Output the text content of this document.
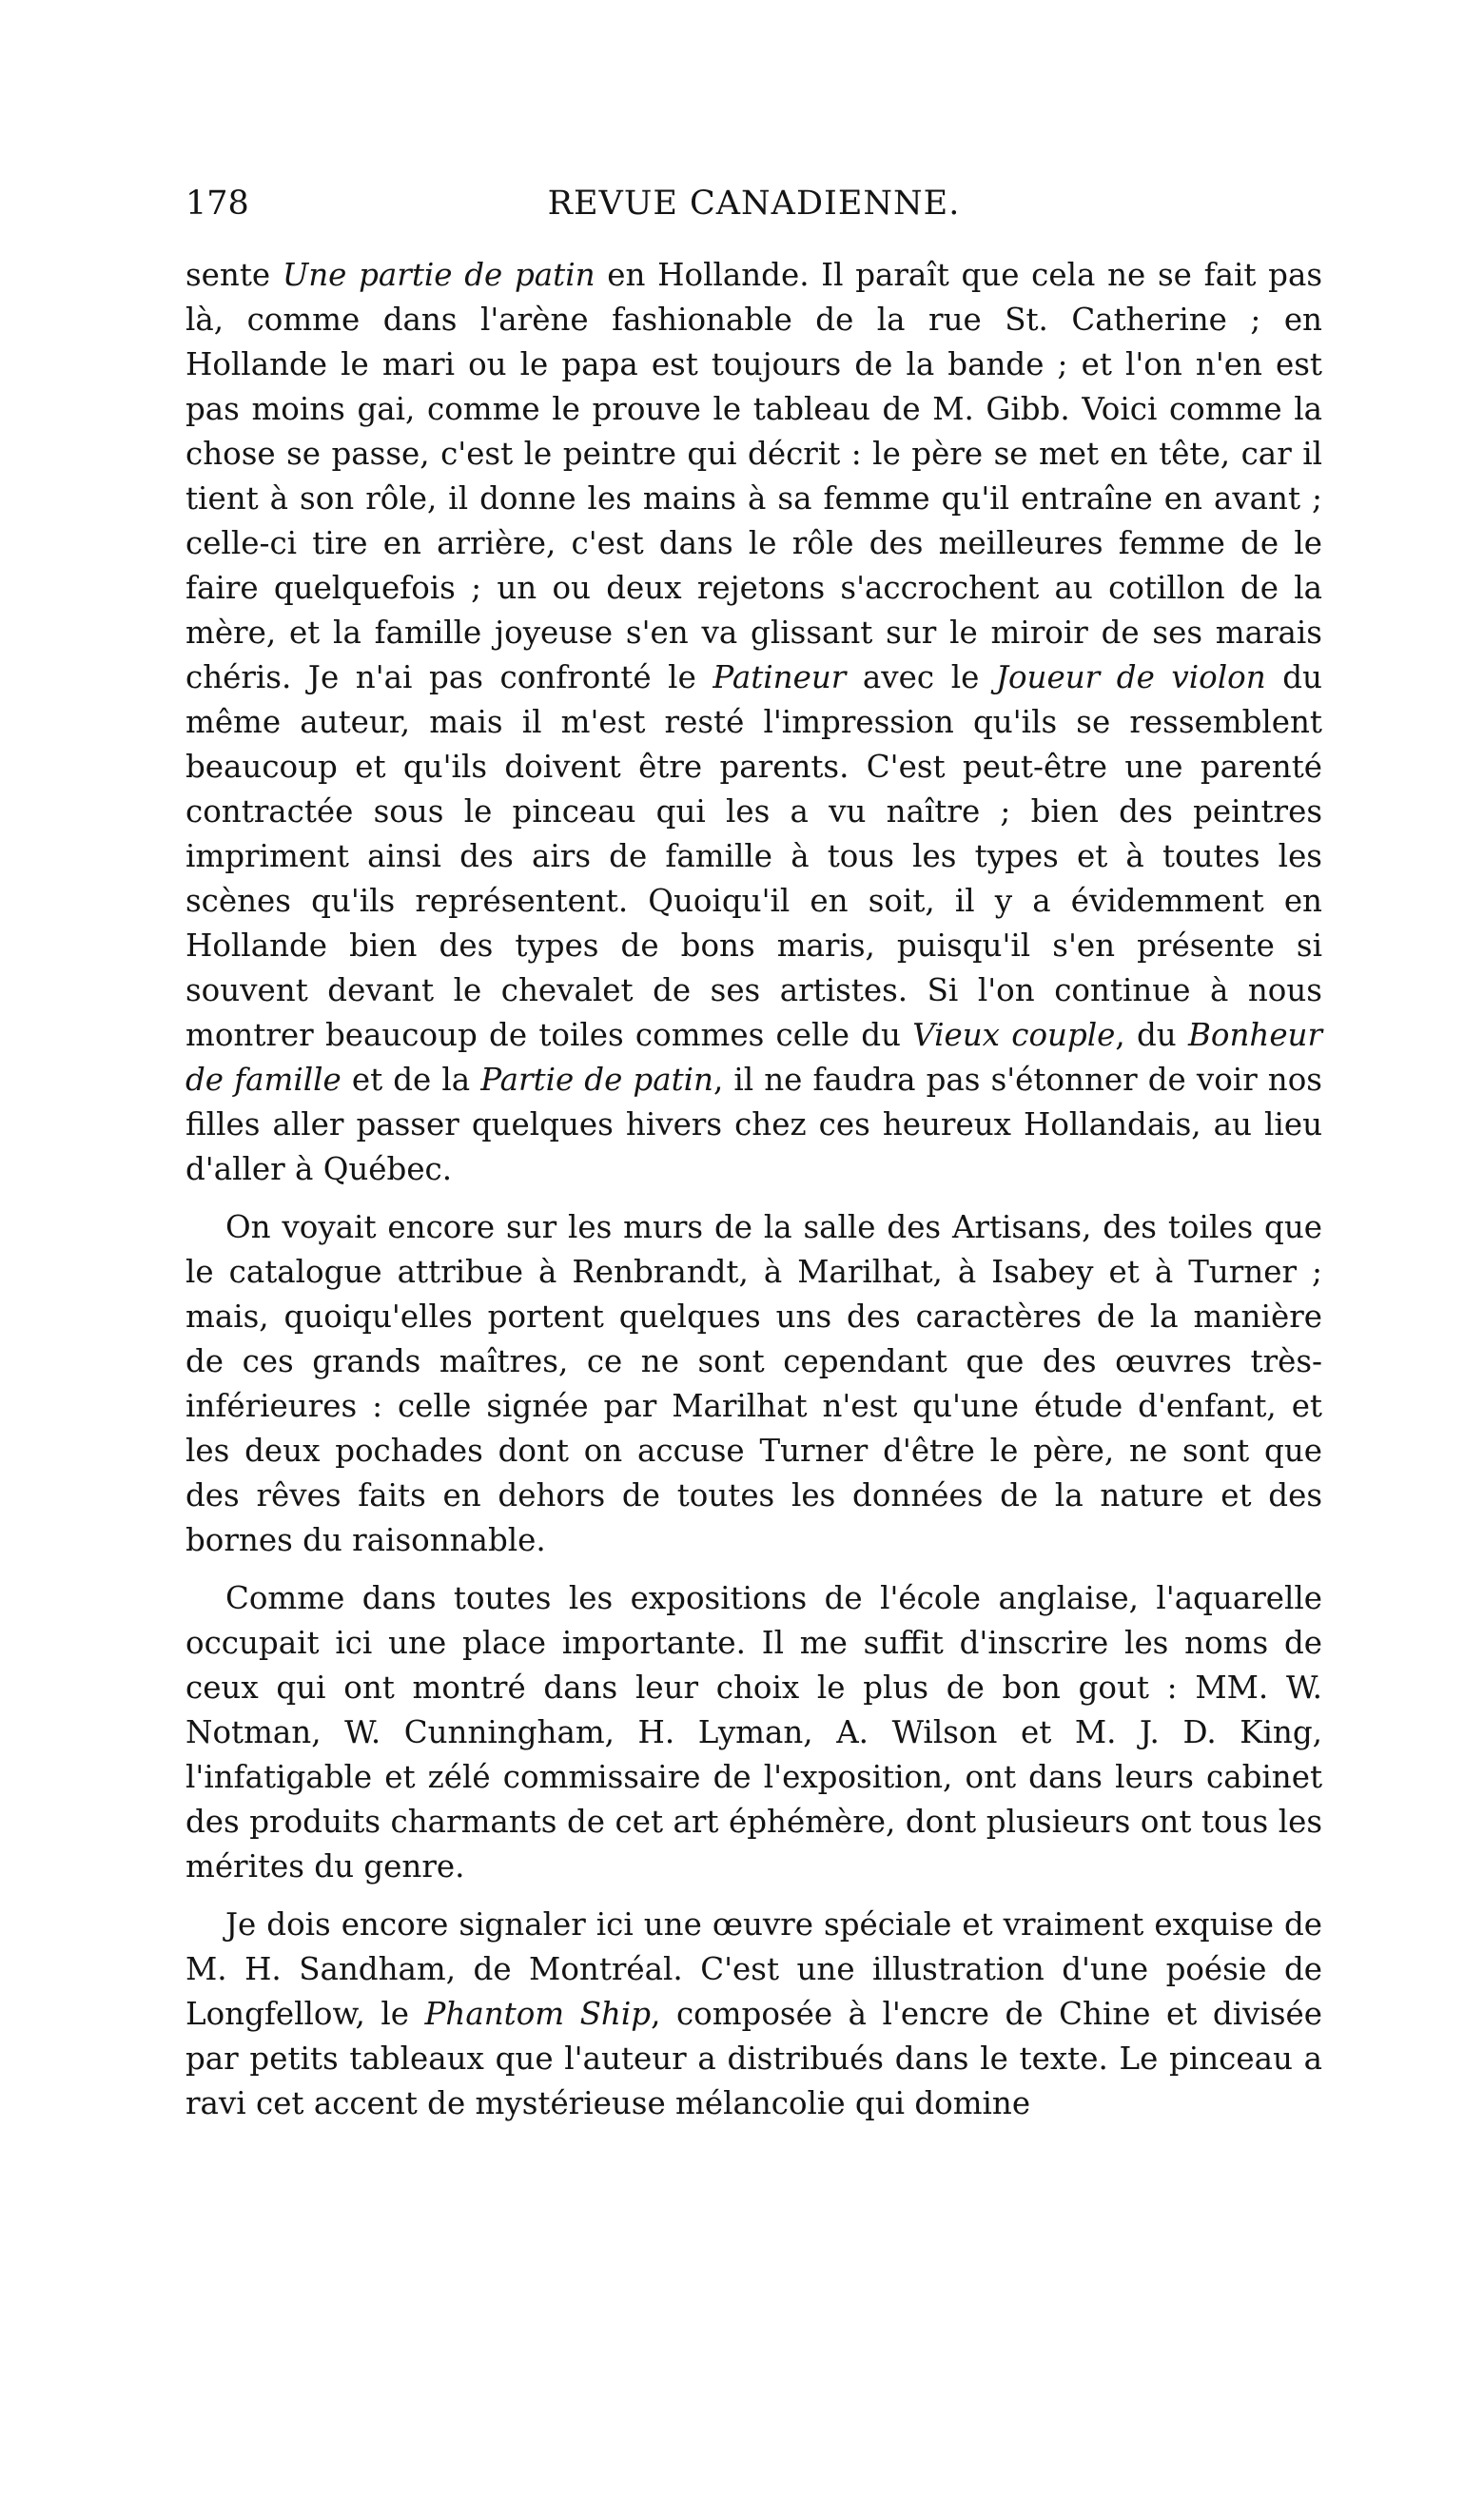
178	REVUE CANADIENNE.

sente Une partie de patin en Hollande. Il paraît que cela ne se fait pas là, comme dans l'arène fashionable de la rue St. Catherine ; en Hollande le mari ou le papa est toujours de la bande ; et l'on n'en est pas moins gai, comme le prouve le tableau de M. Gibb. Voici comme la chose se passe, c'est le peintre qui décrit : le père se met en tête, car il tient à son rôle, il donne les mains à sa femme qu'il entraîne en avant ; celle-ci tire en arrière, c'est dans le rôle des meilleures femme de le faire quelquefois ; un ou deux rejetons s'accrochent au cotillon de la mère, et la famille joyeuse s'en va glissant sur le miroir de ses marais chéris. Je n'ai pas confronté le Patineur avec le Joueur de violon du même auteur, mais il m'est resté l'impression qu'ils se ressemblent beaucoup et qu'ils doivent être parents. C'est peut-être une parenté contractée sous le pinceau qui les a vu naître ; bien des peintres impriment ainsi des airs de famille à tous les types et à toutes les scènes qu'ils représentent. Quoiqu'il en soit, il y a évidemment en Hollande bien des types de bons maris, puisqu'il s'en présente si souvent devant le chevalet de ses artistes. Si l'on continue à nous montrer beaucoup de toiles commes celle du Vieux couple, du Bonheur de famille et de la Partie de patin, il ne faudra pas s'étonner de voir nos filles aller passer quelques hivers chez ces heureux Hollandais, au lieu d'aller à Québec.

On voyait encore sur les murs de la salle des Artisans, des toiles que le catalogue attribue à Renbrandt, à Marilhat, à Isabey et à Turner ; mais, quoiqu'elles portent quelques uns des caractères de la manière de ces grands maîtres, ce ne sont cependant que des œuvres très-inférieures : celle signée par Marilhat n'est qu'une étude d'enfant, et les deux pochades dont on accuse Turner d'être le père, ne sont que des rêves faits en dehors de toutes les données de la nature et des bornes du raisonnable.

Comme dans toutes les expositions de l'école anglaise, l'aquarelle occupait ici une place importante. Il me suffit d'inscrire les noms de ceux qui ont montré dans leur choix le plus de bon gout : MM. W. Notman, W. Cunningham, H. Lyman, A. Wilson et M. J. D. King, l'infatigable et zélé commissaire de l'exposition, ont dans leurs cabinet des produits charmants de cet art éphémère, dont plusieurs ont tous les mérites du genre.

Je dois encore signaler ici une œuvre spéciale et vraiment exquise de M. H. Sandham, de Montréal. C'est une illustration d'une poésie de Longfellow, le Phantom Ship, composée à l'encre de Chine et divisée par petits tableaux que l'auteur a distribués dans le texte. Le pinceau a ravi cet accent de mystérieuse mélancolie qui domine
